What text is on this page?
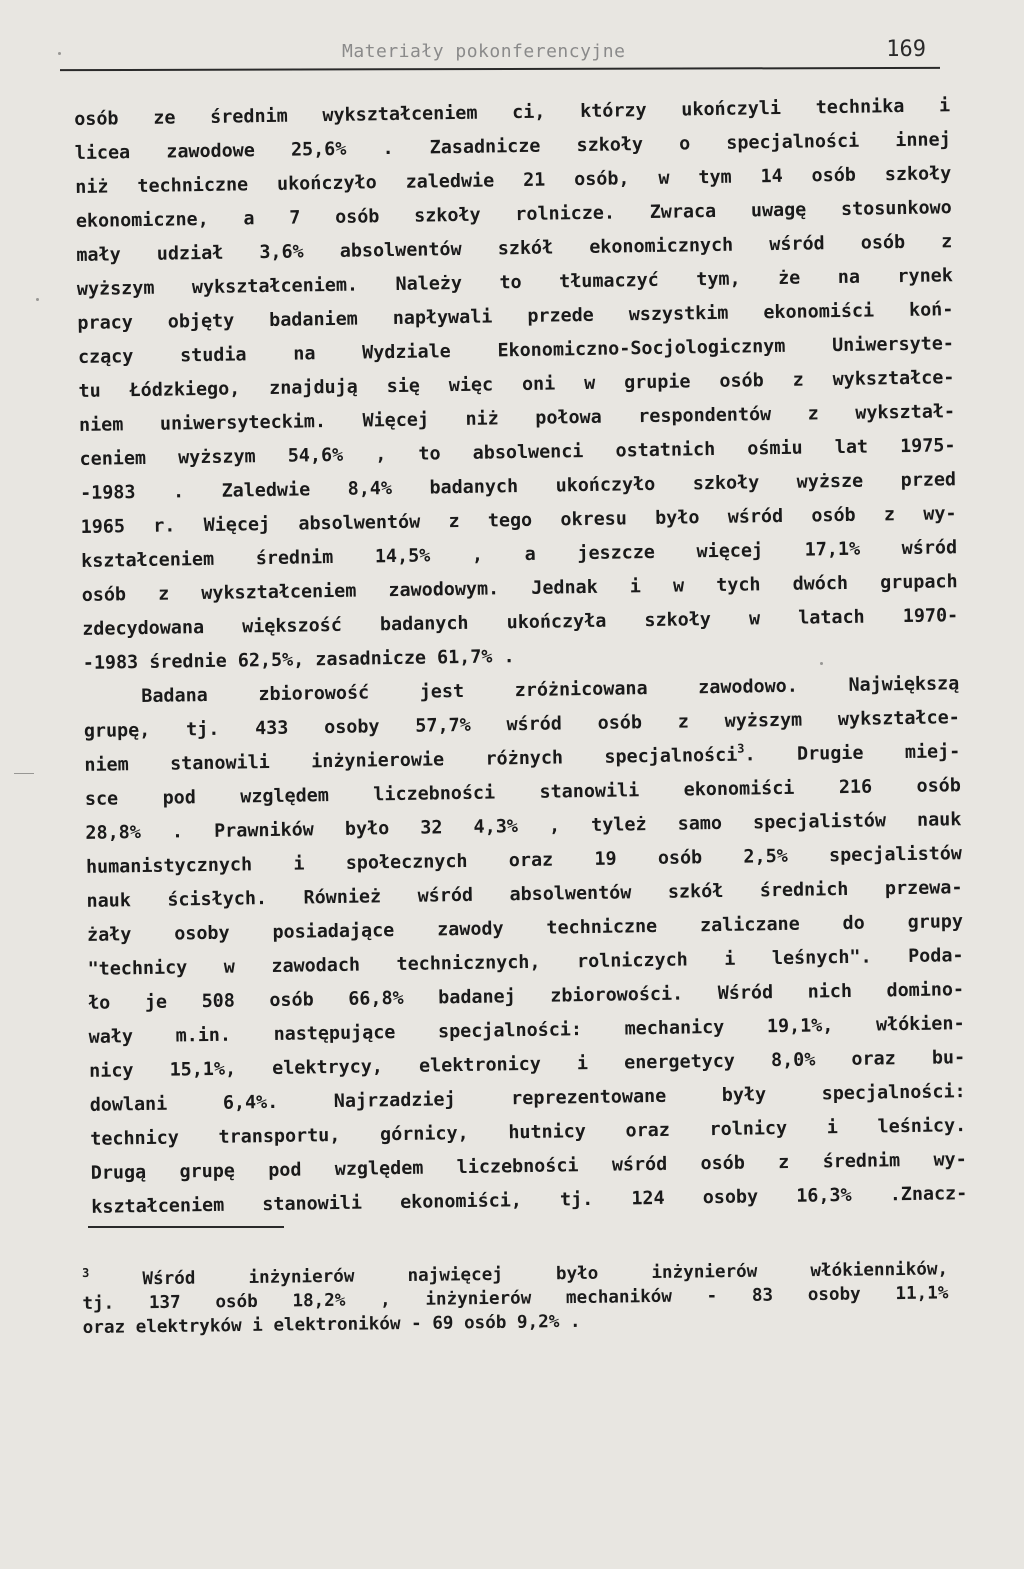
Materiały pokonferencyjne	169
osób ze średnim wykształceniem ci, którzy ukończyli technika i
licea zawodowe 25,6% . Zasadnicze szkoły o specjalności innej
niż techniczne ukończyło zaledwie 21 osób, w tym 14 osób szkoły
ekonomiczne, a 7 osób szkoły rolnicze. Zwraca uwagę stosunkowo
mały udział 3,6% absolwentów szkół ekonomicznych wśród osób z
wyższym wykształceniem. Należy to tłumaczyć tym, że na rynek
pracy objęty badaniem napływali przede wszystkim ekonomiści koń-
czący studia na Wydziale Ekonomiczno-Socjologicznym Uniwersyte-
tu Łódzkiego, znajdują się więc oni w grupie osób z wykształce-
niem uniwersyteckim. Więcej niż połowa respondentów z wykształ-
ceniem wyższym 54,6% , to absolwenci ostatnich ośmiu lat 1975-
-1983 . Zaledwie 8,4% badanych ukończyło szkoły wyższe przed
1965 r. Więcej absolwentów z tego okresu było wśród osób z wy-
kształceniem średnim 14,5% , a jeszcze więcej 17,1% wśród
osób z wykształceniem zawodowym. Jednak i w tych dwóch grupach
zdecydowana większość badanych ukończyła szkoły w latach 1970-
-1983 średnie 62,5%, zasadnicze 61,7% .
Badana zbiorowość jest zróżnicowana zawodowo. Największą
grupę, tj. 433 osoby 57,7% wśród osób z wyższym wykształce-
niem stanowili inżynierowie różnych specjalności$^3$. Drugie miej-
sce pod względem liczebności stanowili ekonomiści 216 osób
28,8% . Prawników było 32 4,3% , tyleż samo specjalistów nauk
humanistycznych i społecznych oraz 19 osób 2,5% specjalistów
nauk ścisłych. Również wśród absolwentów szkół średnich przewa-
żały osoby posiadające zawody techniczne zaliczane do grupy
"technicy w zawodach technicznych, rolniczych i leśnych". Poda-
ło je 508 osób 66,8% badanej zbiorowości. Wśród nich domino-
wały m.in. następujące specjalności: mechanicy 19,1%, włókien-
nicy 15,1%, elektrycy, elektronicy i energetycy 8,0% oraz bu-
dowlani 6,4%. Najrzadziej reprezentowane były specjalności:
technicy transportu, górnicy, hutnicy oraz rolnicy i leśnicy.
Drugą grupę pod względem liczebności wśród osób z średnim wy-
kształceniem stanowili ekonomiści, tj. 124 osoby 16,3% .Znacz-
$^3$	Wśród inżynierów najwięcej było inżynierów włókienników,
tj. 137 osób 18,2% , inżynierów mechaników - 83 osoby 11,1%
oraz elektryków i elektroników - 69 osób 9,2% .
